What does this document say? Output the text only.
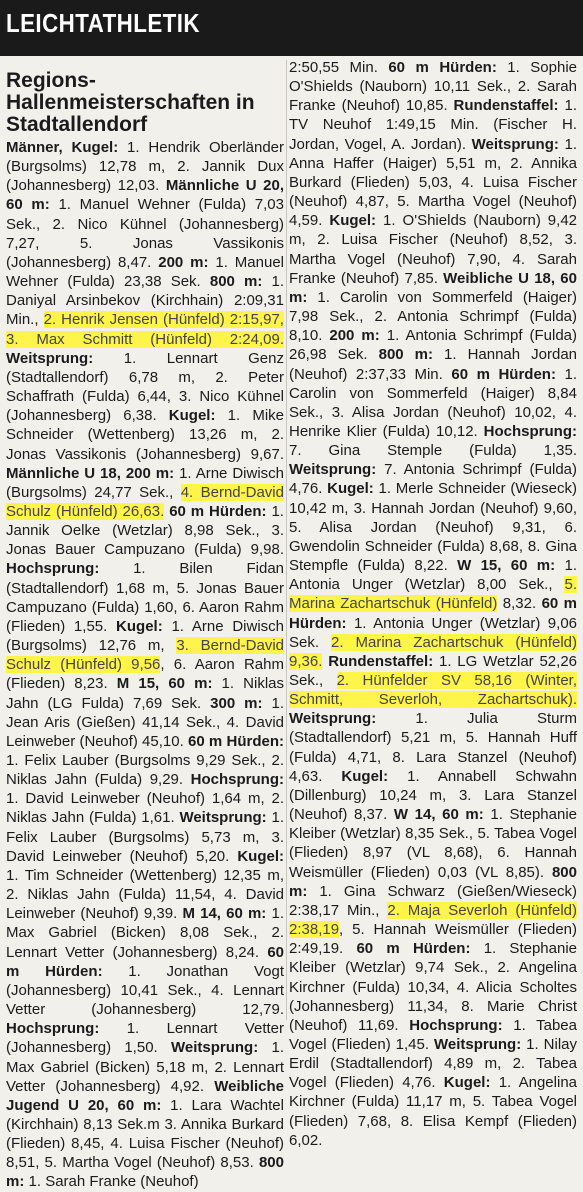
LEICHTATHLETIK
Regions-Hallenmeisterschaften in Stadtallendorf

Männer, Kugel: 1. Hendrik Oberländer (Burgsolms) 12,78 m, 2. Jannik Dux (Johannesberg) 12,03. Männliche U 20, 60 m: 1. Manuel Wehner (Fulda) 7,03 Sek., 2. Nico Kühnel (Johannesberg) 7,27, 5. Jonas Vassikonis (Johannesberg) 8,47. 200 m: 1. Manuel Wehner (Fulda) 23,38 Sek. 800 m: 1. Daniyal Arsinbekov (Kirchhain) 2:09,31 Min., 2. Henrik Jensen (Hünfeld) 2:15,97, 3. Max Schmitt (Hünfeld) 2:24,09. Weitsprung: 1. Lennart Genz (Stadtallendorf) 6,78 m, 2. Peter Schaffrath (Fulda) 6,44, 3. Nico Kühnel (Johannesberg) 6,38. Kugel: 1. Mike Schneider (Wettenberg) 13,26 m, 2. Jonas Vassikonis (Johannesberg) 9,67. Männliche U 18, 200 m: 1. Arne Diwisch (Burgsolms) 24,77 Sek., 4. Bernd-David Schulz (Hünfeld) 26,63. 60 m Hürden: 1. Jannik Oelke (Wetzlar) 8,98 Sek., 3. Jonas Bauer Campuzano (Fulda) 9,98. Hochsprung: 1. Bilen Fidan (Stadtallendorf) 1,68 m, 5. Jonas Bauer Campuzano (Fulda) 1,60, 6. Aaron Rahm (Flieden) 1,55. Kugel: 1. Arne Diwisch (Burgsolms) 12,76 m, 3. Bernd-David Schulz (Hünfeld) 9,56, 6. Aaron Rahm (Flieden) 8,23. M 15, 60 m: 1. Niklas Jahn (LG Fulda) 7,69 Sek. 300 m: 1. Jean Aris (Gießen) 41,14 Sek., 4. David Leinweber (Neuhof) 45,10. 60 m Hürden: 1. Felix Lauber (Burgsolms 9,29 Sek., 2. Niklas Jahn (Fulda) 9,29. Hochsprung: 1. David Leinweber (Neuhof) 1,64 m, 2. Niklas Jahn (Fulda) 1,61. Weitsprung: 1. Felix Lauber (Burgsolms) 5,73 m, 3. David Leinweber (Neuhof) 5,20. Kugel: 1. Tim Schneider (Wettenberg) 12,35 m, 2. Niklas Jahn (Fulda) 11,54, 4. David Leinweber (Neuhof) 9,39. M 14, 60 m: 1. Max Gabriel (Bicken) 8,08 Sek., 2. Lennart Vetter (Johannesberg) 8,24. 60 m Hürden: 1. Jonathan Vogt (Johannesberg) 10,41 Sek., 4. Lennart Vetter (Johannesberg) 12,79. Hochsprung: 1. Lennart Vetter (Johannesberg) 1,50. Weitsprung: 1. Max Gabriel (Bicken) 5,18 m, 2. Lennart Vetter (Johannesberg) 4,92. Weibliche Jugend U 20, 60 m: 1. Lara Wachtel (Kirchhain) 8,13 Sek.m 3. Annika Burkard (Flieden) 8,45, 4. Luisa Fischer (Neuhof) 8,51, 5. Martha Vogel (Neuhof) 8,53. 800 m: 1. Sarah Franke (Neuhof)

2:50,55 Min. 60 m Hürden: 1. Sophie O'Shields (Nauborn) 10,11 Sek., 2. Sarah Franke (Neuhof) 10,85. Rundenstaffel: 1. TV Neuhof 1:49,15 Min. (Fischer H. Jordan, Vogel, A. Jordan). Weitsprung: 1. Anna Haffer (Haiger) 5,51 m, 2. Annika Burkard (Flieden) 5,03, 4. Luisa Fischer (Neuhof) 4,87, 5. Martha Vogel (Neuhof) 4,59. Kugel: 1. O'Shields (Nauborn) 9,42 m, 2. Luisa Fischer (Neuhof) 8,52, 3. Martha Vogel (Neuhof) 7,90, 4. Sarah Franke (Neuhof) 7,85. Weibliche U 18, 60 m: 1. Carolin von Sommerfeld (Haiger) 7,98 Sek., 2. Antonia Schrimpf (Fulda) 8,10. 200 m: 1. Antonia Schrimpf (Fulda) 26,98 Sek. 800 m: 1. Hannah Jordan (Neuhof) 2:37,33 Min. 60 m Hürden: 1. Carolin von Sommerfeld (Haiger) 8,84 Sek., 3. Alisa Jordan (Neuhof) 10,02, 4. Henrike Klier (Fulda) 10,12. Hochsprung: 7. Gina Stemple (Fulda) 1,35. Weitsprung: 7. Antonia Schrimpf (Fulda) 4,76. Kugel: 1. Merle Schneider (Wieseck) 10,42 m, 3. Hannah Jordan (Neuhof) 9,60, 5. Alisa Jordan (Neuhof) 9,31, 6. Gwendolin Schneider (Fulda) 8,68, 8. Gina Stempfle (Fulda) 8,22. W 15, 60 m: 1. Antonia Unger (Wetzlar) 8,00 Sek., 5. Marina Zachartschuk (Hünfeld) 8,32. 60 m Hürden: 1. Antonia Unger (Wetzlar) 9,06 Sek. 2. Marina Zachartschuk (Hünfeld) 9,36. Rundenstaffel: 1. LG Wetzlar 52,26 Sek., 2. Hünfelder SV 58,16 (Winter, Schmitt, Severloh, Zachartschuk). Weitsprung: 1. Julia Sturm (Stadtallendorf) 5,21 m, 5. Hannah Huff (Fulda) 4,71, 8. Lara Stanzel (Neuhof) 4,63. Kugel: 1. Annabell Schwahn (Dillenburg) 10,24 m, 3. Lara Stanzel (Neuhof) 8,37. W 14, 60 m: 1. Stephanie Kleiber (Wetzlar) 8,35 Sek., 5. Tabea Vogel (Flieden) 8,97 (VL 8,68), 6. Hannah Weismüller (Flieden) 0,03 (VL 8,85). 800 m: 1. Gina Schwarz (Gießen/Wieseck) 2:38,17 Min., 2. Maja Severloh (Hünfeld) 2:38,19, 5. Hannah Weismüller (Flieden) 2:49,19. 60 m Hürden: 1. Stephanie Kleiber (Wetzlar) 9,74 Sek., 2. Angelina Kirchner (Fulda) 10,34, 4. Alicia Scholtes (Johannesberg) 11,34, 8. Marie Christ (Neuhof) 11,69. Hochsprung: 1. Tabea Vogel (Flieden) 1,45. Weitsprung: 1. Nilay Erdil (Stadtallendorf) 4,89 m, 2. Tabea Vogel (Flieden) 4,76. Kugel: 1. Angelina Kirchner (Fulda) 11,17 m, 5. Tabea Vogel (Flieden) 7,68, 8. Elisa Kempf (Flieden) 6,02.
